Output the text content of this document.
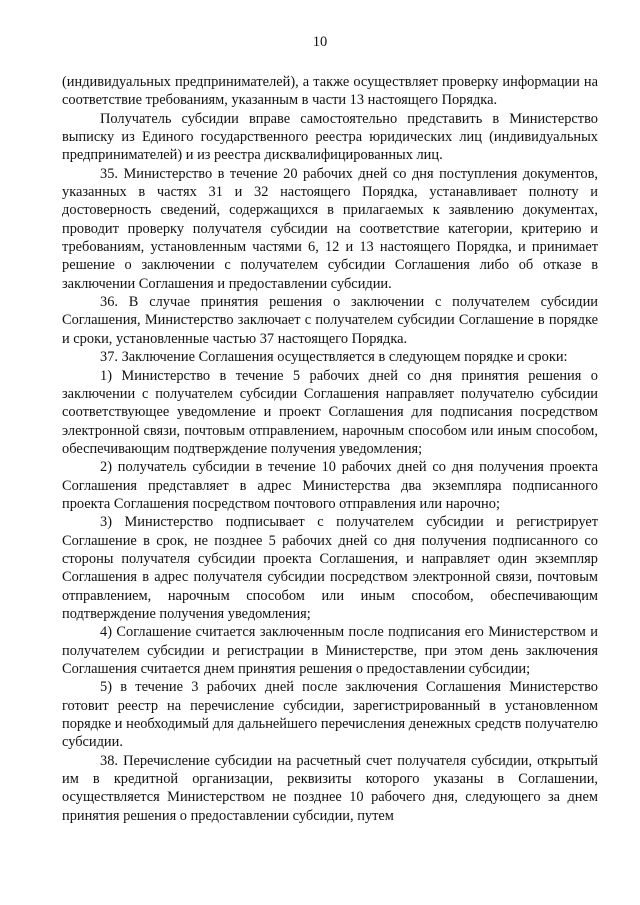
10

(индивидуальных предпринимателей), а также осуществляет проверку информации на соответствие требованиям, указанным в части 13 настоящего Порядка.

Получатель субсидии вправе самостоятельно представить в Министерство выписку из Единого государственного реестра юридических лиц (индивидуальных предпринимателей) и из реестра дисквалифицированных лиц.

35. Министерство в течение 20 рабочих дней со дня поступления документов, указанных в частях 31 и 32 настоящего Порядка, устанавливает полноту и достоверность сведений, содержащихся в прилагаемых к заявлению документах, проводит проверку получателя субсидии на соответствие категории, критерию и требованиям, установленным частями 6, 12 и 13 настоящего Порядка, и принимает решение о заключении с получателем субсидии Соглашения либо об отказе в заключении Соглашения и предоставлении субсидии.

36. В случае принятия решения о заключении с получателем субсидии Соглашения, Министерство заключает с получателем субсидии Соглашение в порядке и сроки, установленные частью 37 настоящего Порядка.

37. Заключение Соглашения осуществляется в следующем порядке и сроки:

1) Министерство в течение 5 рабочих дней со дня принятия решения о заключении с получателем субсидии Соглашения направляет получателю субсидии соответствующее уведомление и проект Соглашения для подписания посредством электронной связи, почтовым отправлением, нарочным способом или иным способом, обеспечивающим подтверждение получения уведомления;

2) получатель субсидии в течение 10 рабочих дней со дня получения проекта Соглашения представляет в адрес Министерства два экземпляра подписанного проекта Соглашения посредством почтового отправления или нарочно;

3) Министерство подписывает с получателем субсидии и регистрирует Соглашение в срок, не позднее 5 рабочих дней со дня получения подписанного со стороны получателя субсидии проекта Соглашения, и направляет один экземпляр Соглашения в адрес получателя субсидии посредством электронной связи, почтовым отправлением, нарочным способом или иным способом, обеспечивающим подтверждение получения уведомления;

4) Соглашение считается заключенным после подписания его Министерством и получателем субсидии и регистрации в Министерстве, при этом день заключения Соглашения считается днем принятия решения о предоставлении субсидии;

5) в течение 3 рабочих дней после заключения Соглашения Министерство готовит реестр на перечисление субсидии, зарегистрированный в установленном порядке и необходимый для дальнейшего перечисления денежных средств получателю субсидии.

38. Перечисление субсидии на расчетный счет получателя субсидии, открытый им в кредитной организации, реквизиты которого указаны в Соглашении, осуществляется Министерством не позднее 10 рабочего дня, следующего за днем принятия решения о предоставлении субсидии, путем
